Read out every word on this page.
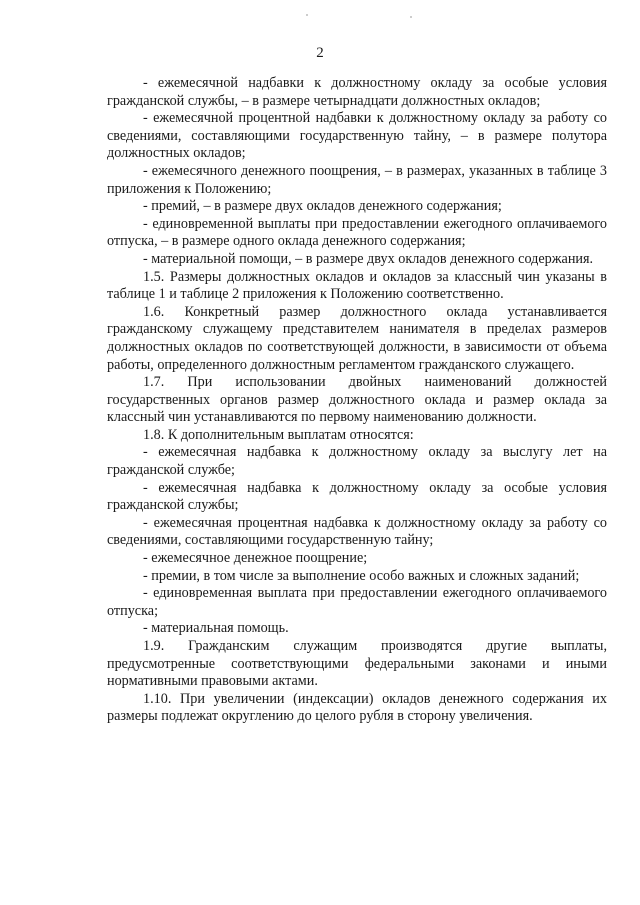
2

- ежемесячной надбавки к должностному окладу за особые условия гражданской службы, – в размере четырнадцати должностных окладов;

- ежемесячной процентной надбавки к должностному окладу за работу со сведениями, составляющими государственную тайну, – в размере полутора должностных окладов;

- ежемесячного денежного поощрения, – в размерах, указанных в таблице 3 приложения к Положению;

- премий, – в размере двух окладов денежного содержания;

- единовременной выплаты при предоставлении ежегодного оплачиваемого отпуска, – в размере одного оклада денежного содержания;

- материальной помощи, – в размере двух окладов денежного содержания.

1.5. Размеры должностных окладов и окладов за классный чин указаны в таблице 1 и таблице 2 приложения к Положению соответственно.

1.6. Конкретный размер должностного оклада устанавливается гражданскому служащему представителем нанимателя в пределах размеров должностных окладов по соответствующей должности, в зависимости от объема работы, определенного должностным регламентом гражданского служащего.

1.7. При использовании двойных наименований должностей государственных органов размер должностного оклада и размер оклада за классный чин устанавливаются по первому наименованию должности.

1.8. К дополнительным выплатам относятся:

- ежемесячная надбавка к должностному окладу за выслугу лет на гражданской службе;

- ежемесячная надбавка к должностному окладу за особые условия гражданской службы;

- ежемесячная процентная надбавка к должностному окладу за работу со сведениями, составляющими государственную тайну;

- ежемесячное денежное поощрение;

- премии, в том числе за выполнение особо важных и сложных заданий;

- единовременная выплата при предоставлении ежегодного оплачиваемого отпуска;

- материальная помощь.

1.9. Гражданским служащим производятся другие выплаты, предусмотренные соответствующими федеральными законами и иными нормативными правовыми актами.

1.10. При увеличении (индексации) окладов денежного содержания их размеры подлежат округлению до целого рубля в сторону увеличения.
